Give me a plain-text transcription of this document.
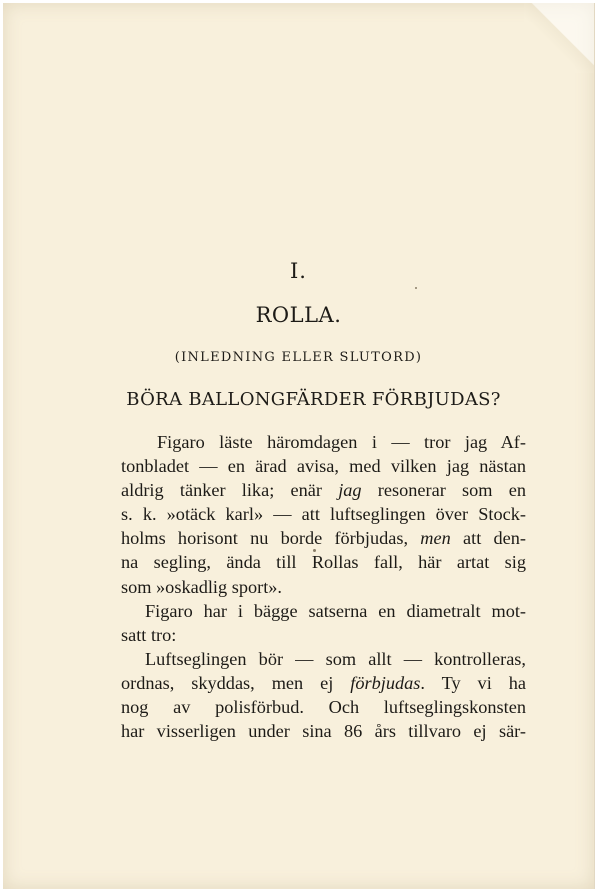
I.
ROLLA.
(INLEDNING ELLER SLUTORD)
BÖRA BALLONGFÄRDER FÖRBJUDAS?
Figaro läste häromdagen i — tror jag Af-
tonbladet — en ärad avisa, med vilken jag nästan
aldrig tänker lika; enär jag resonerar som en
s. k. »otäck karl» — att luftseglingen över Stock-
holms horisont nu borde förbjudas, men att den-
na segling, ända till Rollas fall, här artat sig
som »oskadlig sport».
Figaro har i bägge satserna en diametralt mot-
satt tro:
Luftseglingen bör — som allt — kontrolleras,
ordnas, skyddas, men ej förbjudas. Ty vi ha
nog av polisförbud. Och luftseglingskonsten
har visserligen under sina 86 års tillvaro ej sär-
